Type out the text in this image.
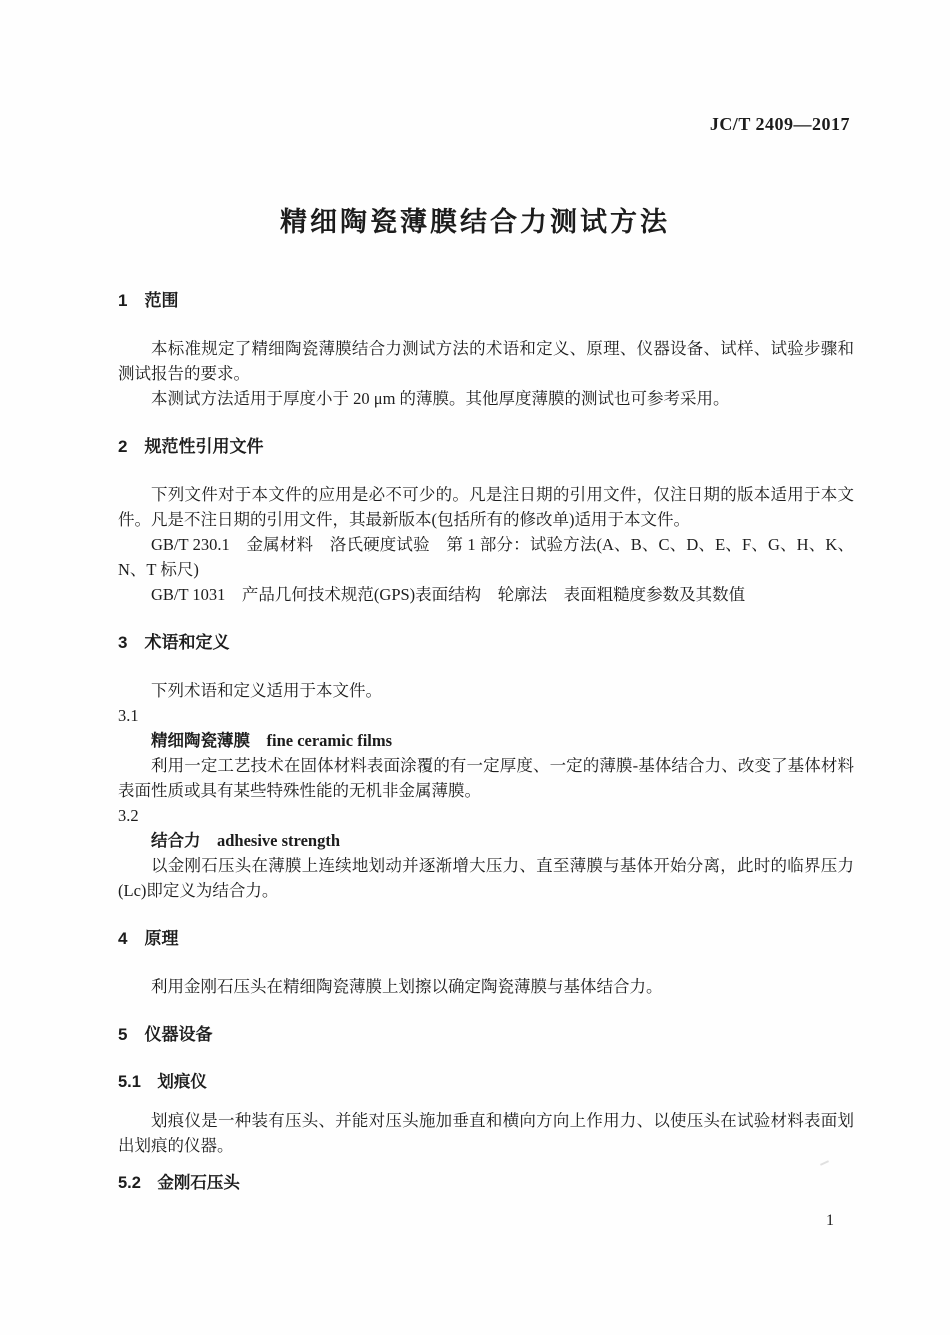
JC/T 2409—2017
精细陶瓷薄膜结合力测试方法
1　范围

本标准规定了精细陶瓷薄膜结合力测试方法的术语和定义、原理、仪器设备、试样、试验步骤和测试报告的要求。

本测试方法适用于厚度小于 20 μm 的薄膜。其他厚度薄膜的测试也可参考采用。

2　规范性引用文件

下列文件对于本文件的应用是必不可少的。凡是注日期的引用文件，仅注日期的版本适用于本文件。凡是不注日期的引用文件，其最新版本(包括所有的修改单)适用于本文件。

GB/T 230.1　金属材料　洛氏硬度试验　第 1 部分：试验方法(A、B、C、D、E、F、G、H、K、N、T 标尺)

GB/T 1031　产品几何技术规范(GPS)表面结构　轮廓法　表面粗糙度参数及其数值

3　术语和定义

下列术语和定义适用于本文件。

3.1

精细陶瓷薄膜　fine ceramic films

利用一定工艺技术在固体材料表面涂覆的有一定厚度、一定的薄膜-基体结合力、改变了基体材料表面性质或具有某些特殊性能的无机非金属薄膜。

3.2

结合力　adhesive strength

以金刚石压头在薄膜上连续地划动并逐渐增大压力、直至薄膜与基体开始分离，此时的临界压力(Lc)即定义为结合力。

4　原理

利用金刚石压头在精细陶瓷薄膜上划擦以确定陶瓷薄膜与基体结合力。

5　仪器设备
5.1　划痕仪

划痕仪是一种装有压头、并能对压头施加垂直和横向方向上作用力、以使压头在试验材料表面划出划痕的仪器。

5.2　金刚石压头
1
